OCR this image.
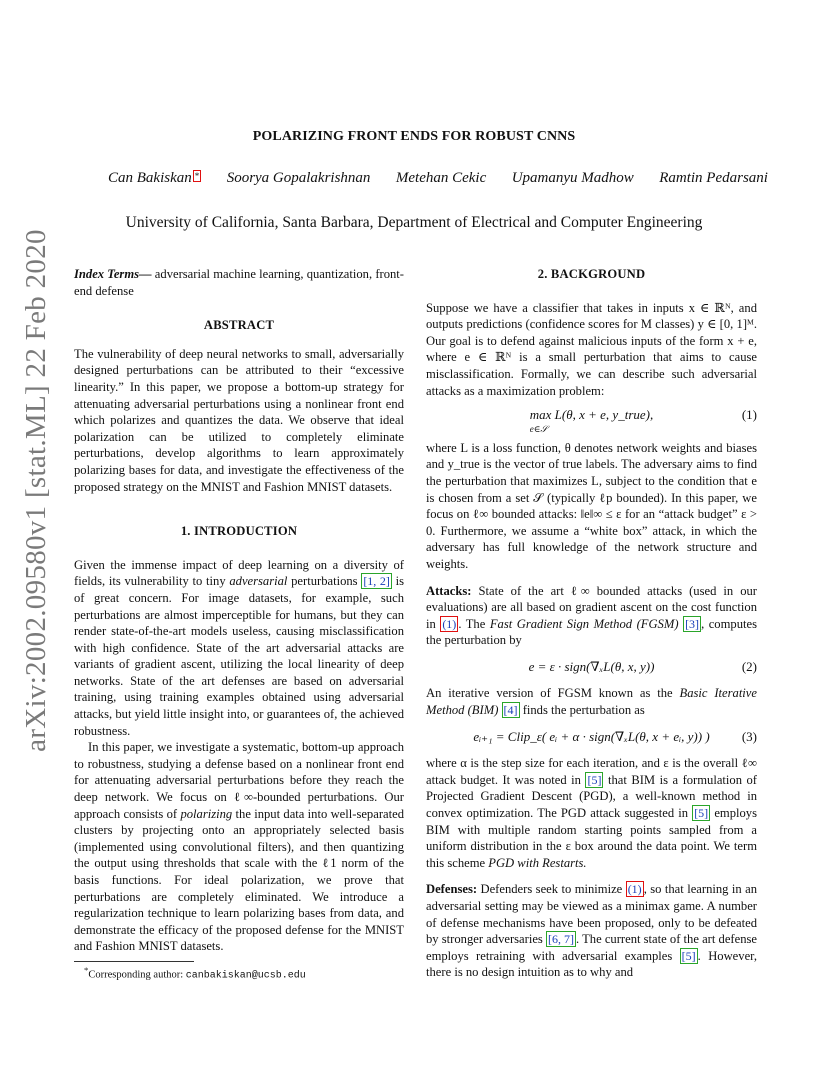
arXiv:2002.09580v1 [stat.ML] 22 Feb 2020
POLARIZING FRONT ENDS FOR ROBUST CNNS
Can Bakiskan * Soorya Gopalakrishnan Metehan Cekic Upamanyu Madhow Ramtin Pedarsani
University of California, Santa Barbara, Department of Electrical and Computer Engineering

Index Terms— adversarial machine learning, quantization, front-end defense

ABSTRACT

The vulnerability of deep neural networks to small, adversarially designed perturbations can be attributed to their “excessive linearity.” In this paper, we propose a bottom-up strategy for attenuating adversarial perturbations using a nonlinear front end which polarizes and quantizes the data. We observe that ideal polarization can be utilized to completely eliminate perturbations, develop algorithms to learn approximately polarizing bases for data, and investigate the effectiveness of the proposed strategy on the MNIST and Fashion MNIST datasets.

1. INTRODUCTION

Given the immense impact of deep learning on a diversity of fields, its vulnerability to tiny adversarial perturbations [1, 2] is of great concern. For image datasets, for example, such perturbations are almost imperceptible for humans, but they can render state-of-the-art models useless, causing misclassification with high confidence. State of the art adversarial attacks are variants of gradient ascent, utilizing the local linearity of deep networks. State of the art defenses are based on adversarial training, using training examples obtained using adversarial attacks, but yield little insight into, or guarantees of, the achieved robustness.

In this paper, we investigate a systematic, bottom-up approach to robustness, studying a defense based on a nonlinear front end for attenuating adversarial perturbations before they reach the deep network. We focus on ℓ∞-bounded perturbations. Our approach consists of polarizing the input data into well-separated clusters by projecting onto an appropriately selected basis (implemented using convolutional filters), and then quantizing the output using thresholds that scale with the ℓ1 norm of the basis functions. For ideal polarization, we prove that perturbations are completely eliminated. We introduce a regularization technique to learn polarizing bases from data, and demonstrate the efficacy of the proposed defense for the MNIST and Fashion MNIST datasets.

*Corresponding author: canbakiskan@ucsb.edu
2. BACKGROUND

Suppose we have a classifier that takes in inputs x ∈ ℝᴺ, and outputs predictions (confidence scores for M classes) y ∈ [0, 1]ᴹ. Our goal is to defend against malicious inputs of the form x + e, where e ∈ ℝᴺ is a small perturbation that aims to cause misclassification. Formally, we can describe such adversarial attacks as a maximization problem:

max L(θ, x + e, y_true),
e∈𝒮
(1)

where L is a loss function, θ denotes network weights and biases and y_true is the vector of true labels. The adversary aims to find the perturbation that maximizes L, subject to the condition that e is chosen from a set 𝒮 (typically ℓp bounded). In this paper, we focus on ℓ∞ bounded attacks: ‖e‖∞ ≤ ε for an “attack budget” ε > 0. Furthermore, we assume a “white box” attack, in which the adversary has full knowledge of the network structure and weights.

Attacks: State of the art ℓ∞ bounded attacks (used in our evaluations) are all based on gradient ascent on the cost function in (1) . The Fast Gradient Sign Method (FGSM) [3] , computes the perturbation by

e = ε · sign(∇ₓL(θ, x, y))	(2)

An iterative version of FGSM known as the Basic Iterative Method (BIM) [4] finds the perturbation as

eᵢ₊₁ = Clip_ε( eᵢ + α · sign(∇ₓL(θ, x + eᵢ, y)) ) (3)

where α is the step size for each iteration, and ε is the overall ℓ∞ attack budget. It was noted in [5] that BIM is a formulation of Projected Gradient Descent (PGD), a well-known method in convex optimization. The PGD attack suggested in [5] employs BIM with multiple random starting points sampled from a uniform distribution in the ε box around the data point. We term this scheme PGD with Restarts.

Defenses: Defenders seek to minimize (1) , so that learning in an adversarial setting may be viewed as a minimax game. A number of defense mechanisms have been proposed, only to be defeated by stronger adversaries [6, 7] . The current state of the art defense employs retraining with adversarial examples [5] . However, there is no design intuition as to why and
